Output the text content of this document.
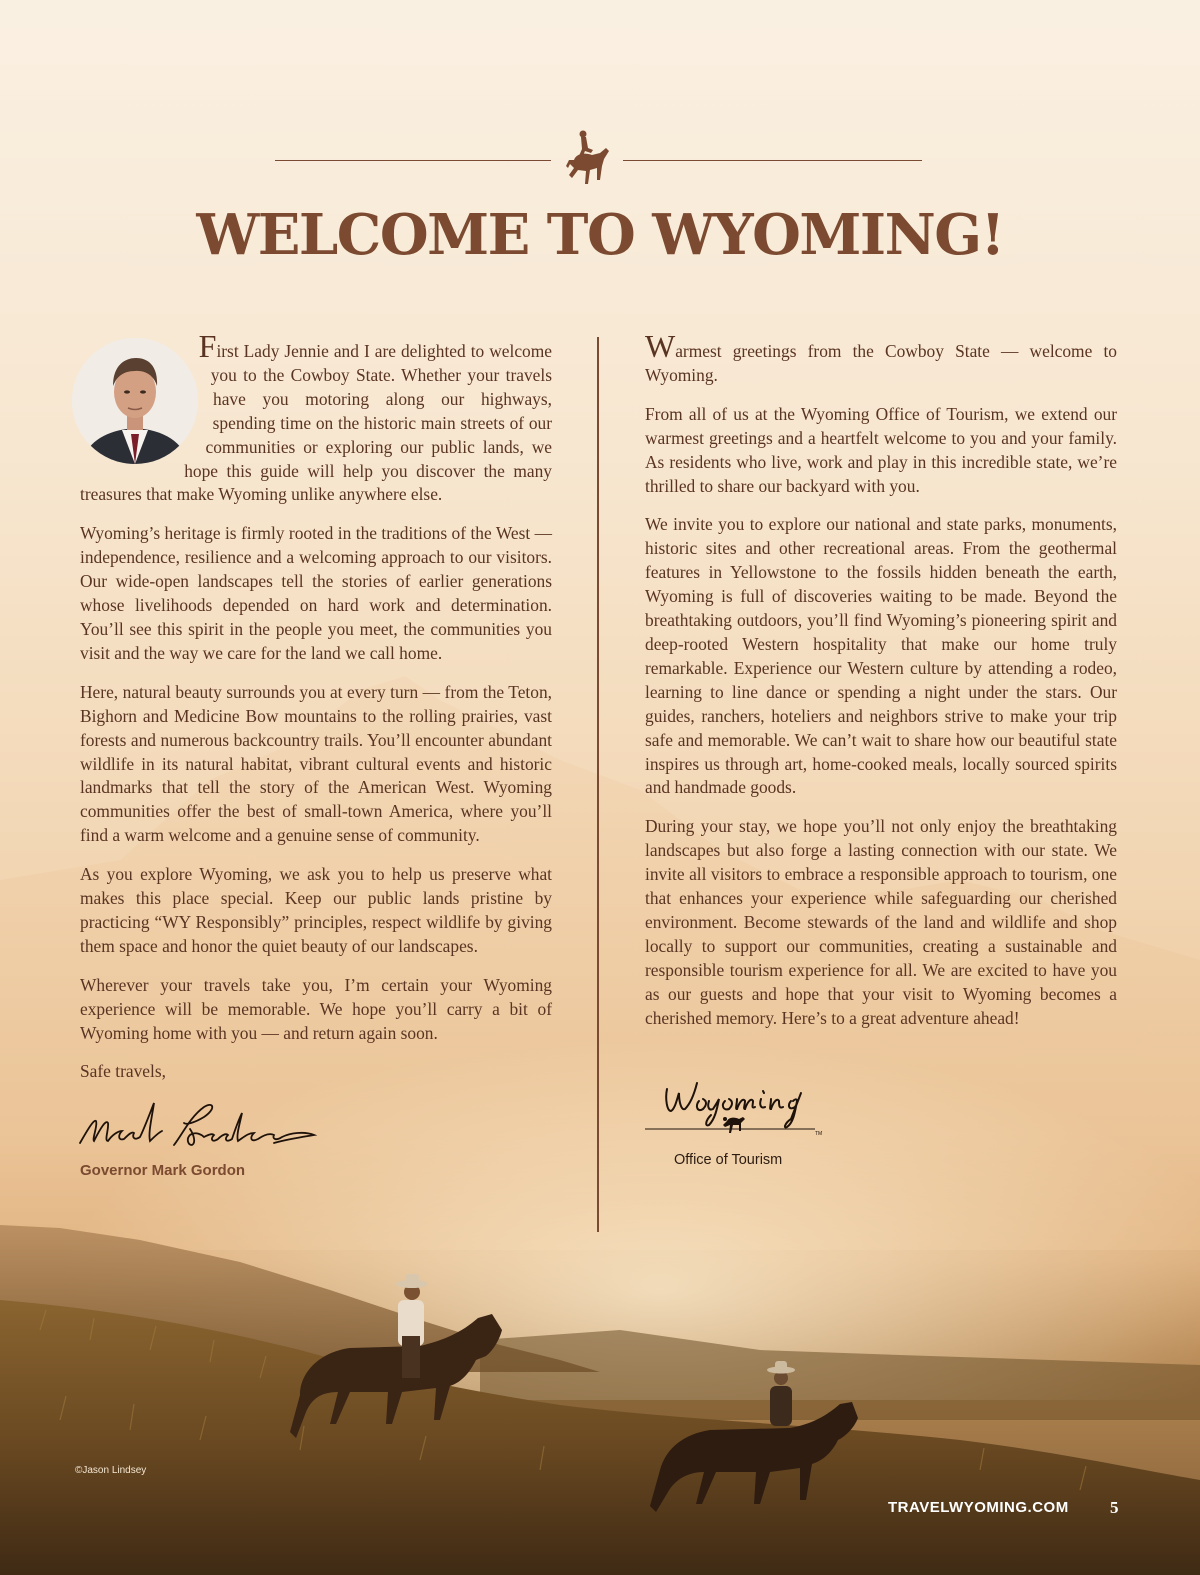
WELCOME TO WYOMING!

First Lady Jennie and I are delighted to welcome you to the Cowboy State. Whether your travels have you motoring along our highways, spending time on the historic main streets of our communities or exploring our public lands, we hope this guide will help you discover the many treasures that make Wyoming unlike anywhere else.

Wyoming’s heritage is firmly rooted in the traditions of the West — independence, resilience and a welcoming approach to our visitors. Our wide-open landscapes tell the stories of earlier generations whose livelihoods depended on hard work and determination. You’ll see this spirit in the people you meet, the communities you visit and the way we care for the land we call home.

Here, natural beauty surrounds you at every turn — from the Teton, Bighorn and Medicine Bow mountains to the rolling prairies, vast forests and numerous backcountry trails. You’ll encounter abundant wildlife in its natural habitat, vibrant cultural events and historic landmarks that tell the story of the American West. Wyoming communities offer the best of small-town America, where you’ll find a warm welcome and a genuine sense of community.

As you explore Wyoming, we ask you to help us preserve what makes this place special. Keep our public lands pristine by practicing “WY Responsibly” principles, respect wildlife by giving them space and honor the quiet beauty of our landscapes.

Wherever your travels take you, I’m certain your Wyoming experience will be memorable. We hope you’ll carry a bit of Wyoming home with you — and return again soon.

Safe travels,

Governor Mark Gordon

Warmest greetings from the Cowboy State — welcome to Wyoming.

From all of us at the Wyoming Office of Tourism, we extend our warmest greetings and a heartfelt welcome to you and your family. As residents who live, work and play in this incredible state, we’re thrilled to share our backyard with you.

We invite you to explore our national and state parks, monuments, historic sites and other recreational areas. From the geothermal features in Yellowstone to the fossils hidden beneath the earth, Wyoming is full of discoveries waiting to be made. Beyond the breathtaking outdoors, you’ll find Wyoming’s pioneering spirit and deep-rooted Western hospitality that make our home truly remarkable. Experience our Western culture by attending a rodeo, learning to line dance or spending a night under the stars. Our guides, ranchers, hoteliers and neighbors strive to make your trip safe and memorable. We can’t wait to share how our beautiful state inspires us through art, home-cooked meals, locally sourced spirits and handmade goods.

During your stay, we hope you’ll not only enjoy the breathtaking landscapes but also forge a lasting connection with our state. We invite all visitors to embrace a responsible approach to tourism, one that enhances your experience while safeguarding our cherished environment. Become stewards of the land and wildlife and shop locally to support our communities, creating a sustainable and responsible tourism experience for all. We are excited to have you as our guests and hope that your visit to Wyoming becomes a cherished memory. Here’s to a great adventure ahead!

TM
Office of Tourism
©Jason Lindsey
TRAVELWYOMING.COM 5
